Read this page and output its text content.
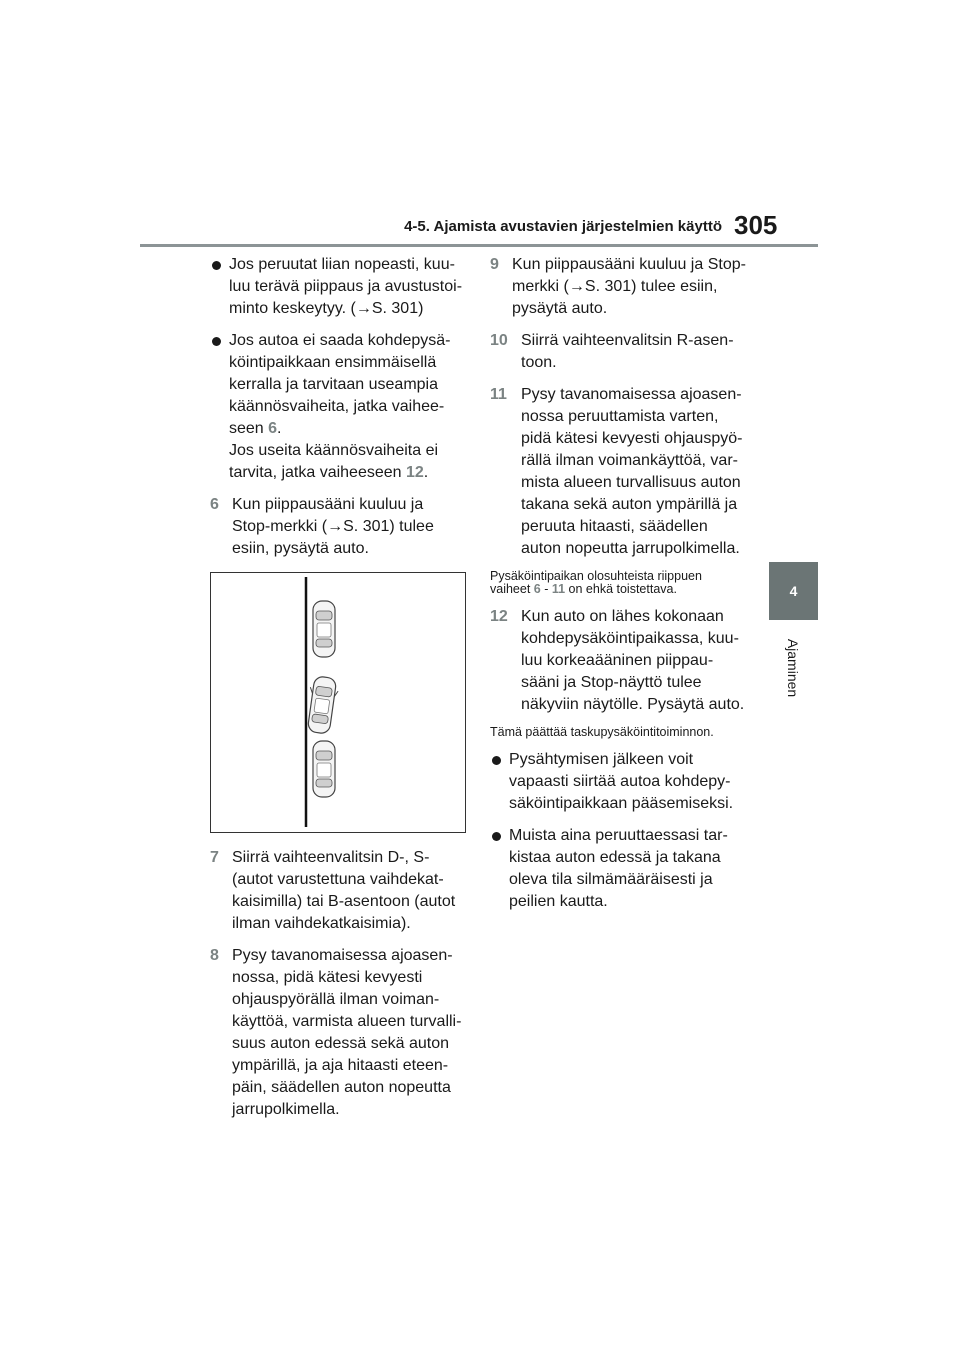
4-5. Ajamista avustavien järjestelmien käyttö 305
4
Ajaminen
Jos peruutat liian nopeasti, kuu-
luu terävä piippaus ja avustustoi-
minto keskeytyy. (→S. 301)
Jos autoa ei saada kohdepysä-
köintipaikkaan ensimmäisellä
kerralla ja tarvitaan useampia
käännösvaiheita, jatka vaihee-
seen 6.
Jos useita käännösvaiheita ei
tarvita, jatka vaiheeseen 12.
6 Kun piippausääni kuuluu ja
Stop-merkki (→S. 301) tulee
esiin, pysäytä auto.
7 Siirrä vaihteenvalitsin D-, S-
(autot varustettuna vaihdekat-
kaisimilla) tai B-asentoon (autot
ilman vaihdekatkaisimia).
8 Pysy tavanomaisessa ajoasen-
nossa, pidä kätesi kevyesti
ohjauspyörällä ilman voiman-
käyttöä, varmista alueen turvalli-
suus auton edessä sekä auton
ympärillä, ja aja hitaasti eteen-
päin, säädellen auton nopeutta
jarrupolkimella.
9 Kun piippausääni kuuluu ja Stop-
merkki (→S. 301) tulee esiin,
pysäytä auto.
10 Siirrä vaihteenvalitsin R-asen-
toon.
11 Pysy tavanomaisessa ajoasen-
nossa peruuttamista varten,
pidä kätesi kevyesti ohjauspyö-
rällä ilman voimankäyttöä, var-
mista alueen turvallisuus auton
takana sekä auton ympärillä ja
peruuta hitaasti, säädellen
auton nopeutta jarrupolkimella.
Pysäköintipaikan olosuhteista riippuen
vaiheet 6 - 11 on ehkä toistettava.
12 Kun auto on lähes kokonaan
kohdepysäköintipaikassa, kuu-
luu korkeaääninen piippau-
sääni ja Stop-näyttö tulee
näkyviin näytölle. Pysäytä auto.
Tämä päättää taskupysäköintitoiminnon.
Pysähtymisen jälkeen voit
vapaasti siirtää autoa kohdepy-
säköintipaikkaan pääsemiseksi.
Muista aina peruuttaessasi tar-
kistaa auton edessä ja takana
oleva tila silmämääräisesti ja
peilien kautta.
